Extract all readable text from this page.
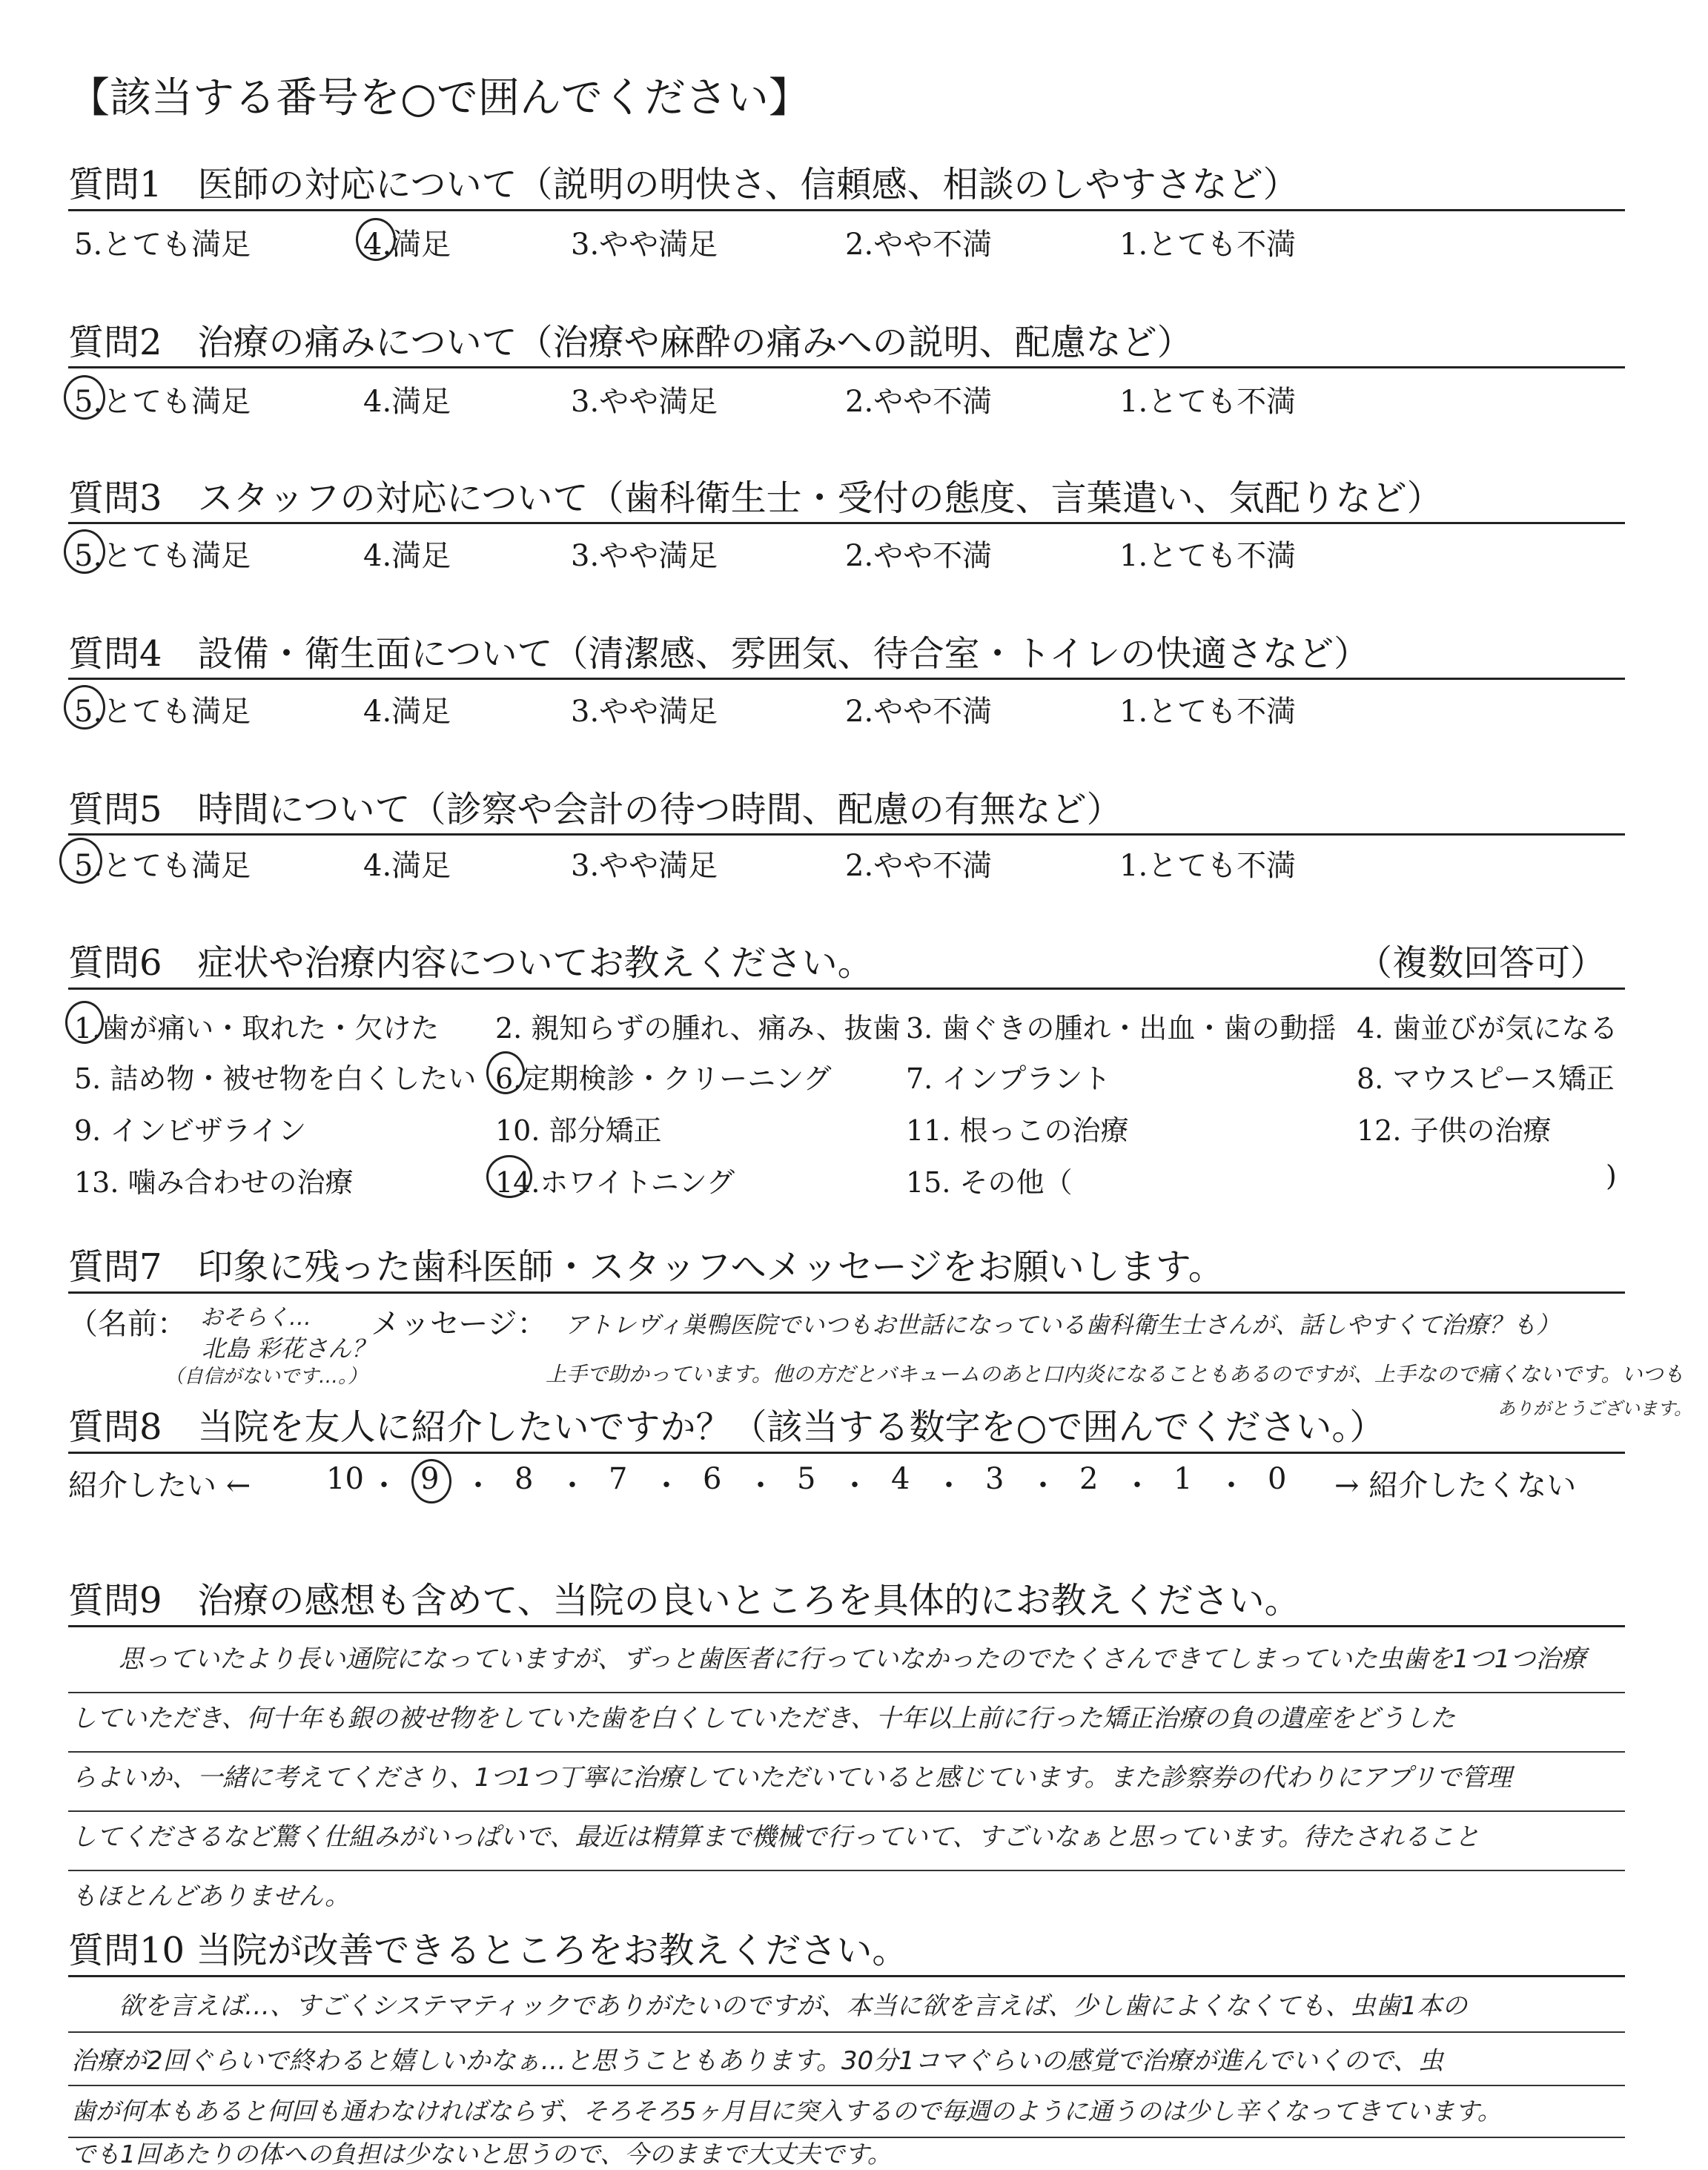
【該当する番号を○で囲んでください】
質問1　医師の対応について（説明の明快さ、信頼感、相談のしやすさなど）
5.とても満足	4.満足	3.やや満足	2.やや不満	1.とても不満
質問2　治療の痛みについて（治療や麻酔の痛みへの説明、配慮など）
5.とても満足	4.満足	3.やや満足	2.やや不満	1.とても不満
質問3　スタッフの対応について（歯科衛生士・受付の態度、言葉遣い、気配りなど）
5.とても満足	4.満足	3.やや満足	2.やや不満	1.とても不満
質問4　設備・衛生面について（清潔感、雰囲気、待合室・トイレの快適さなど）
5.とても満足	4.満足	3.やや満足	2.やや不満	1.とても不満
質問5　時間について（診察や会計の待つ時間、配慮の有無など）
5.とても満足	4.満足	3.やや満足	2.やや不満	1.とても不満
質問6　症状や治療内容についてお教えください。	（複数回答可）
1.歯が痛い・取れた・欠けた 2. 親知らずの腫れ、痛み、抜歯 3. 歯ぐきの腫れ・出血・歯の動揺 4. 歯並びが気になる
5. 詰め物・被せ物を白くしたい 6.定期検診・クリーニング	7. インプラント	8. マウスピース矯正
9. インビザライン	10. 部分矯正	11. 根っこの治療	12. 子供の治療
13. 噛み合わせの治療	14.ホワイトニング	15. その他（	)
質問7　印象に残った歯科医師・スタッフへメッセージをお願いします。
（名前： おそらく…
北島 彩花さん？
（自信がないです…。）
メッセージ： アトレヴィ巣鴨医院でいつもお世話になっている歯科衛生士さんが、話しやすくて治療？も）
上手で助かっています。他の方だとバキュームのあと口内炎になることもあるのですが、上手なので痛くないです。いつも
ありがとうございます。
質問8　当院を友人に紹介したいですか？（該当する数字を○で囲んでください。）
紹介したい ←	10 ・ 9 ・ 8 ・ 7 ・ 6 ・ 5 ・ 4 ・ 3 ・ 2 ・ 1 ・ 0 → 紹介したくない
質問9　治療の感想も含めて、当院の良いところを具体的にお教えください。
思っていたより長い通院になっていますが、ずっと歯医者に行っていなかったのでたくさんできてしまっていた虫歯を1つ1つ治療
していただき、何十年も銀の被せ物をしていた歯を白くしていただき、十年以上前に行った矯正治療の負の遺産をどうした
らよいか、一緒に考えてくださり、1つ1つ丁寧に治療していただいていると感じています。また診察券の代わりにアプリで管理
してくださるなど驚く仕組みがいっぱいで、最近は精算まで機械で行っていて、すごいなぁと思っています。待たされること
もほとんどありません。
質問10 当院が改善できるところをお教えください。
欲を言えば…、すごくシステマティックでありがたいのですが、本当に欲を言えば、少し歯によくなくても、虫歯1本の
治療が2回ぐらいで終わると嬉しいかなぁ…と思うこともあります。30分1コマぐらいの感覚で治療が進んでいくので、虫
歯が何本もあると何回も通わなければならず、そろそろ5ヶ月目に突入するので毎週のように通うのは少し辛くなってきています。
でも1回あたりの体への負担は少ないと思うので、今のままで大丈夫です。
